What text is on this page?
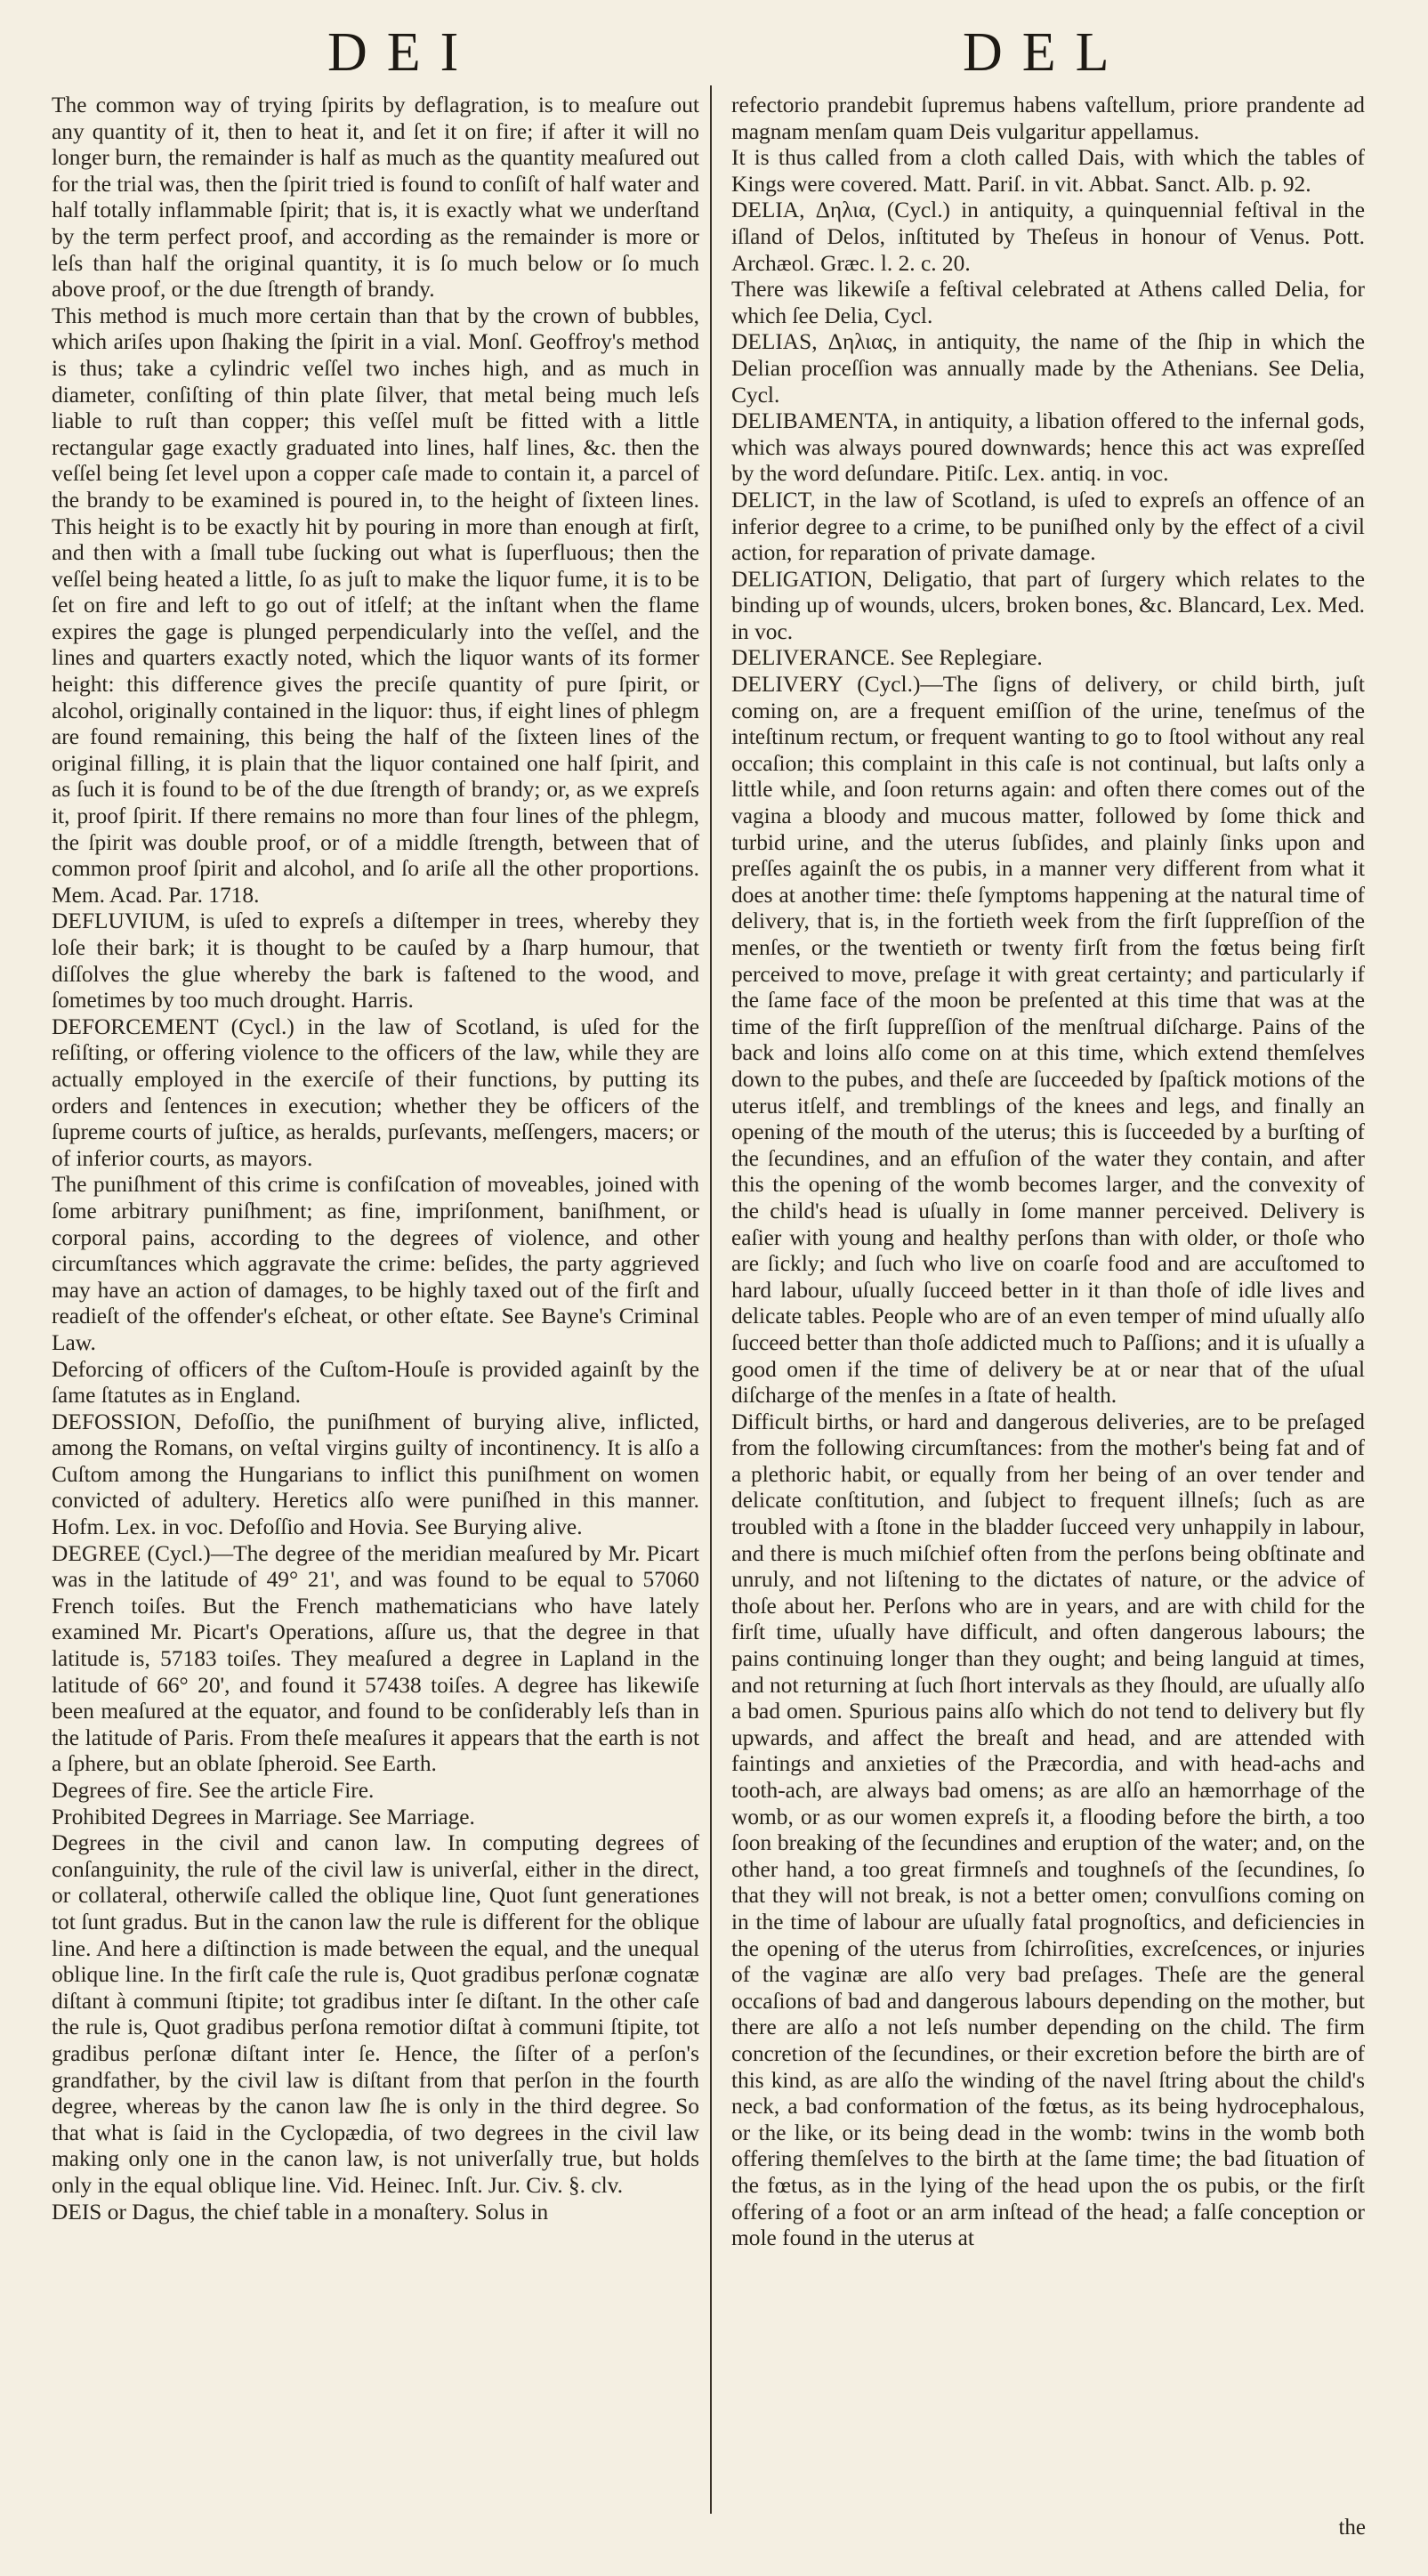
DEI	DEL

The common way of trying ſpirits by deflagration, is to meaſure out any quantity of it, then to heat it, and ſet it on fire; if after it will no longer burn, the remainder is half as much as the quantity meaſured out for the trial was, then the ſpirit tried is found to conſiſt of half water and half totally inflammable ſpirit; that is, it is exactly what we underſtand by the term perfect proof, and according as the remainder is more or leſs than half the original quantity, it is ſo much below or ſo much above proof, or the due ſtrength of brandy.

This method is much more certain than that by the crown of bubbles, which ariſes upon ſhaking the ſpirit in a vial. Monſ. Geoffroy's method is thus; take a cylindric veſſel two inches high, and as much in diameter, conſiſting of thin plate ſilver, that metal being much leſs liable to ruſt than copper; this veſſel muſt be fitted with a little rectangular gage exactly graduated into lines, half lines, &c. then the veſſel being ſet level upon a copper caſe made to contain it, a parcel of the brandy to be examined is poured in, to the height of ſixteen lines. This height is to be exactly hit by pouring in more than enough at firſt, and then with a ſmall tube ſucking out what is ſuperfluous; then the veſſel being heated a little, ſo as juſt to make the liquor fume, it is to be ſet on fire and left to go out of itſelf; at the inſtant when the flame expires the gage is plunged perpendicularly into the veſſel, and the lines and quarters exactly noted, which the liquor wants of its former height: this difference gives the preciſe quantity of pure ſpirit, or alcohol, originally contained in the liquor: thus, if eight lines of phlegm are found remaining, this being the half of the ſixteen lines of the original filling, it is plain that the liquor contained one half ſpirit, and as ſuch it is found to be of the due ſtrength of brandy; or, as we expreſs it, proof ſpirit. If there remains no more than four lines of the phlegm, the ſpirit was double proof, or of a middle ſtrength, between that of common proof ſpirit and alcohol, and ſo ariſe all the other proportions. Mem. Acad. Par. 1718.

DEFLUVIUM, is uſed to expreſs a diſtemper in trees, whereby they loſe their bark; it is thought to be cauſed by a ſharp humour, that diſſolves the glue whereby the bark is faſtened to the wood, and ſometimes by too much drought. Harris.

DEFORCEMENT (Cycl.) in the law of Scotland, is uſed for the reſiſting, or offering violence to the officers of the law, while they are actually employed in the exerciſe of their functions, by putting its orders and ſentences in execution; whether they be officers of the ſupreme courts of juſtice, as heralds, purſevants, meſſengers, macers; or of inferior courts, as mayors.

The puniſhment of this crime is confiſcation of moveables, joined with ſome arbitrary puniſhment; as fine, impriſonment, baniſhment, or corporal pains, according to the degrees of violence, and other circumſtances which aggravate the crime: beſides, the party aggrieved may have an action of damages, to be highly taxed out of the firſt and readieſt of the offender's eſcheat, or other eſtate. See Bayne's Criminal Law.

Deforcing of officers of the Cuſtom-Houſe is provided againſt by the ſame ſtatutes as in England.

DEFOSSION, Defoſſio, the puniſhment of burying alive, inflicted, among the Romans, on veſtal virgins guilty of incontinency. It is alſo a Cuſtom among the Hungarians to inflict this puniſhment on women convicted of adultery. Heretics alſo were puniſhed in this manner. Hofm. Lex. in voc. Defoſſio and Hovia. See Burying alive.

DEGREE (Cycl.)—The degree of the meridian meaſured by Mr. Picart was in the latitude of 49° 21', and was found to be equal to 57060 French toiſes. But the French mathematicians who have lately examined Mr. Picart's Operations, aſſure us, that the degree in that latitude is, 57183 toiſes. They meaſured a degree in Lapland in the latitude of 66° 20', and found it 57438 toiſes. A degree has likewiſe been meaſured at the equator, and found to be conſiderably leſs than in the latitude of Paris. From theſe meaſures it appears that the earth is not a ſphere, but an oblate ſpheroid. See Earth.

Degrees of fire. See the article Fire.

Prohibited Degrees in Marriage. See Marriage.

Degrees in the civil and canon law. In computing degrees of conſanguinity, the rule of the civil law is univerſal, either in the direct, or collateral, otherwiſe called the oblique line, Quot ſunt generationes tot ſunt gradus. But in the canon law the rule is different for the oblique line. And here a diſtinction is made between the equal, and the unequal oblique line. In the firſt caſe the rule is, Quot gradibus perſonæ cognatæ diſtant à communi ſtipite; tot gradibus inter ſe diſtant. In the other caſe the rule is, Quot gradibus perſona remotior diſtat à communi ſtipite, tot gradibus perſonæ diſtant inter ſe. Hence, the ſiſter of a perſon's grandfather, by the civil law is diſtant from that perſon in the fourth degree, whereas by the canon law ſhe is only in the third degree. So that what is ſaid in the Cyclopædia, of two degrees in the civil law making only one in the canon law, is not univerſally true, but holds only in the equal oblique line. Vid. Heinec. Inſt. Jur. Civ. §. clv.

DEIS or Dagus, the chief table in a monaſtery. Solus in

refectorio prandebit ſupremus habens vaſtellum, priore prandente ad magnam menſam quam Deis vulgaritur appellamus.

It is thus called from a cloth called Dais, with which the tables of Kings were covered. Matt. Pariſ. in vit. Abbat. Sanct. Alb. p. 92.

DELIA, Δηλια, (Cycl.) in antiquity, a quinquennial feſtival in the iſland of Delos, inſtituted by Theſeus in honour of Venus. Pott. Archæol. Græc. l. 2. c. 20.

There was likewiſe a feſtival celebrated at Athens called Delia, for which ſee Delia, Cycl.

DELIAS, Δηλιας, in antiquity, the name of the ſhip in which the Delian proceſſion was annually made by the Athenians. See Delia, Cycl.

DELIBAMENTA, in antiquity, a libation offered to the infernal gods, which was always poured downwards; hence this act was expreſſed by the word deſundare. Pitiſc. Lex. antiq. in voc.

DELICT, in the law of Scotland, is uſed to expreſs an offence of an inferior degree to a crime, to be puniſhed only by the effect of a civil action, for reparation of private damage.

DELIGATION, Deligatio, that part of ſurgery which relates to the binding up of wounds, ulcers, broken bones, &c. Blancard, Lex. Med. in voc.

DELIVERANCE. See Replegiare.

DELIVERY (Cycl.)—The ſigns of delivery, or child birth, juſt coming on, are a frequent emiſſion of the urine, teneſmus of the inteſtinum rectum, or frequent wanting to go to ſtool without any real occaſion; this complaint in this caſe is not continual, but laſts only a little while, and ſoon returns again: and often there comes out of the vagina a bloody and mucous matter, followed by ſome thick and turbid urine, and the uterus ſubſides, and plainly ſinks upon and preſſes againſt the os pubis, in a manner very different from what it does at another time: theſe ſymptoms happening at the natural time of delivery, that is, in the fortieth week from the firſt ſuppreſſion of the menſes, or the twentieth or twenty firſt from the fœtus being firſt perceived to move, preſage it with great certainty; and particularly if the ſame face of the moon be preſented at this time that was at the time of the firſt ſuppreſſion of the menſtrual diſcharge. Pains of the back and loins alſo come on at this time, which extend themſelves down to the pubes, and theſe are ſucceeded by ſpaſtick motions of the uterus itſelf, and tremblings of the knees and legs, and finally an opening of the mouth of the uterus; this is ſucceeded by a burſting of the ſecundines, and an effuſion of the water they contain, and after this the opening of the womb becomes larger, and the convexity of the child's head is uſually in ſome manner perceived. Delivery is eaſier with young and healthy perſons than with older, or thoſe who are ſickly; and ſuch who live on coarſe food and are accuſtomed to hard labour, uſually ſucceed better in it than thoſe of idle lives and delicate tables. People who are of an even temper of mind uſually alſo ſucceed better than thoſe addicted much to Paſſions; and it is uſually a good omen if the time of delivery be at or near that of the uſual diſcharge of the menſes in a ſtate of health.

Difficult births, or hard and dangerous deliveries, are to be preſaged from the following circumſtances: from the mother's being fat and of a plethoric habit, or equally from her being of an over tender and delicate conſtitution, and ſubject to frequent illneſs; ſuch as are troubled with a ſtone in the bladder ſucceed very unhappily in labour, and there is much miſchief often from the perſons being obſtinate and unruly, and not liſtening to the dictates of nature, or the advice of thoſe about her. Perſons who are in years, and are with child for the firſt time, uſually have difficult, and often dangerous labours; the pains continuing longer than they ought; and being languid at times, and not returning at ſuch ſhort intervals as they ſhould, are uſually alſo a bad omen. Spurious pains alſo which do not tend to delivery but fly upwards, and affect the breaſt and head, and are attended with faintings and anxieties of the Præcordia, and with head-achs and tooth-ach, are always bad omens; as are alſo an hæmorrhage of the womb, or as our women expreſs it, a flooding before the birth, a too ſoon breaking of the ſecundines and eruption of the water; and, on the other hand, a too great firmneſs and toughneſs of the ſecundines, ſo that they will not break, is not a better omen; convulſions coming on in the time of labour are uſually fatal prognoſtics, and deficiencies in the opening of the uterus from ſchirroſities, excreſcences, or injuries of the vaginæ are alſo very bad preſages. Theſe are the general occaſions of bad and dangerous labours depending on the mother, but there are alſo a not leſs number depending on the child. The firm concretion of the ſecundines, or their excretion before the birth are of this kind, as are alſo the winding of the navel ſtring about the child's neck, a bad conformation of the fœtus, as its being hydrocephalous, or the like, or its being dead in the womb: twins in the womb both offering themſelves to the birth at the ſame time; the bad ſituation of the fœtus, as in the lying of the head upon the os pubis, or the firſt offering of a foot or an arm inſtead of the head; a falſe conception or mole found in the uterus at

the
